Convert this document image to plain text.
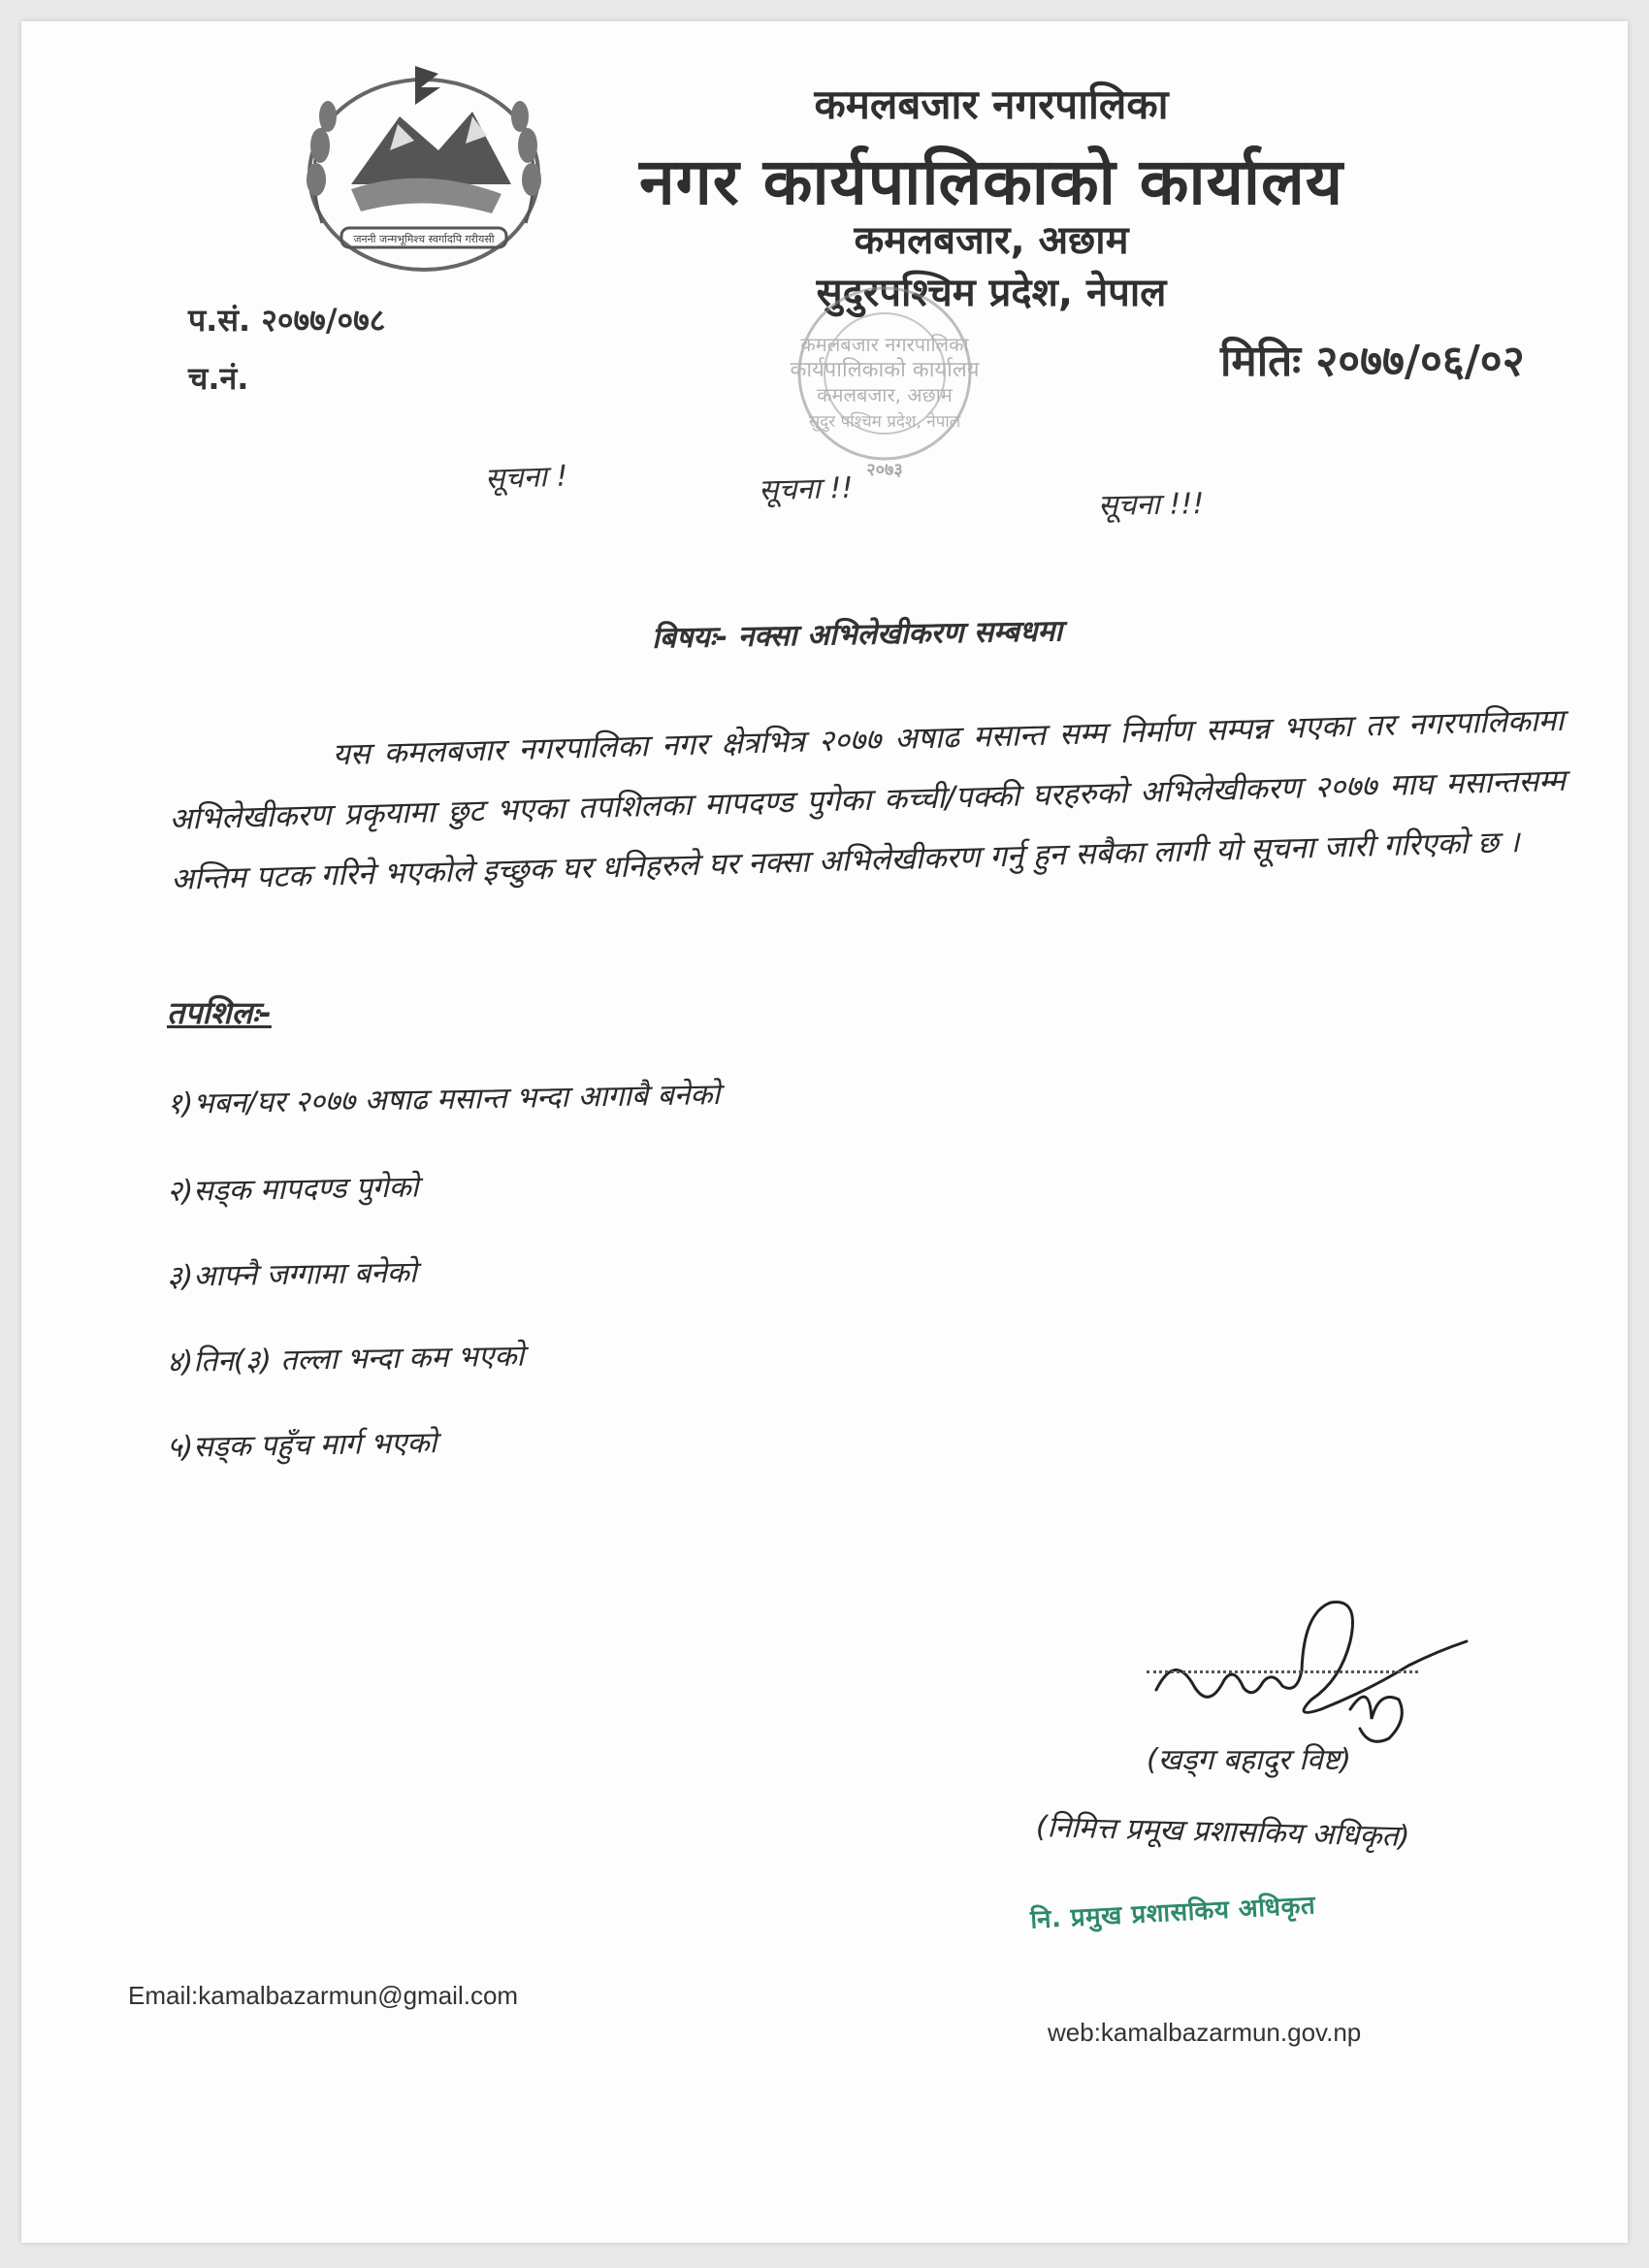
जननी जन्मभूमिश्च स्वर्गादपि गरीयसी
कमलबजार नगरपालिका
नगर कार्यपालिकाको कार्यालय
कमलबजार, अछाम
सुदुरपश्चिम प्रदेश, नेपाल
कमलबजार नगरपालिका
कार्यपालिकाको कार्यालय
कमलबजार, अछाम
सुदुर पश्चिम प्रदेश, नेपाल
२०७३
प.सं. २०७७/०७८
च.नं.	मितिः २०७७/०६/०२
सूचना !	सूचना !!	सूचना !!!
बिषयः- नक्सा अभिलेखीकरण सम्बधमा
यस कमलबजार नगरपालिका नगर क्षेत्रभित्र २०७७ अषाढ मसान्त सम्म निर्माण सम्पन्न भएका तर नगरपालिकामा अभिलेखीकरण प्रकृयामा छुट भएका तपशिलका मापदण्ड पुगेका कच्ची/पक्की घरहरुको अभिलेखीकरण २०७७ माघ मसान्तसम्म अन्तिम पटक गरिने भएकोले इच्छुक घर धनिहरुले घर नक्सा अभिलेखीकरण गर्नु हुन सबैका लागी यो सूचना जारी गरिएको छ ।
तपशिलः-
१)भबन/घर २०७७ अषाढ मसान्त भन्दा आगाबै बनेको
२)सड्क मापदण्ड पुगेको
३)आफ्नै जग्गामा बनेको
४)तिन(३) तल्ला भन्दा कम भएको
५)सड्क पहुँच मार्ग भएको
(खड्ग बहादुर विष्ट)
(निमित्त प्रमूख प्रशासकिय अधिकृत)
नि. प्रमुख प्रशासकिय अधिकृत
Email:kamalbazarmun@gmail.com
web:kamalbazarmun.gov.np
